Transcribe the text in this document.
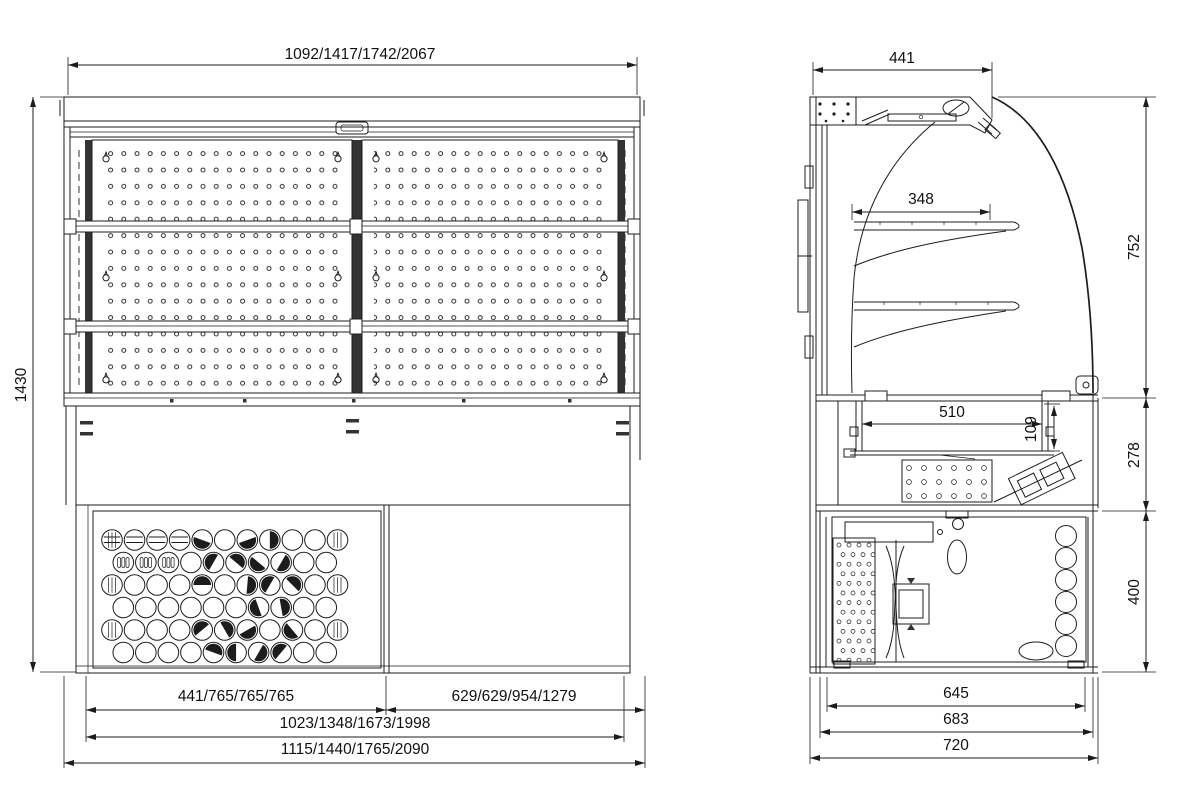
1092/1417/1742/2067
1430
441/765/765/765	629/629/954/1279
1023/1348/1673/1998
1115/1440/1765/2090
441
348
752
278
400
510
109
645
683
720
